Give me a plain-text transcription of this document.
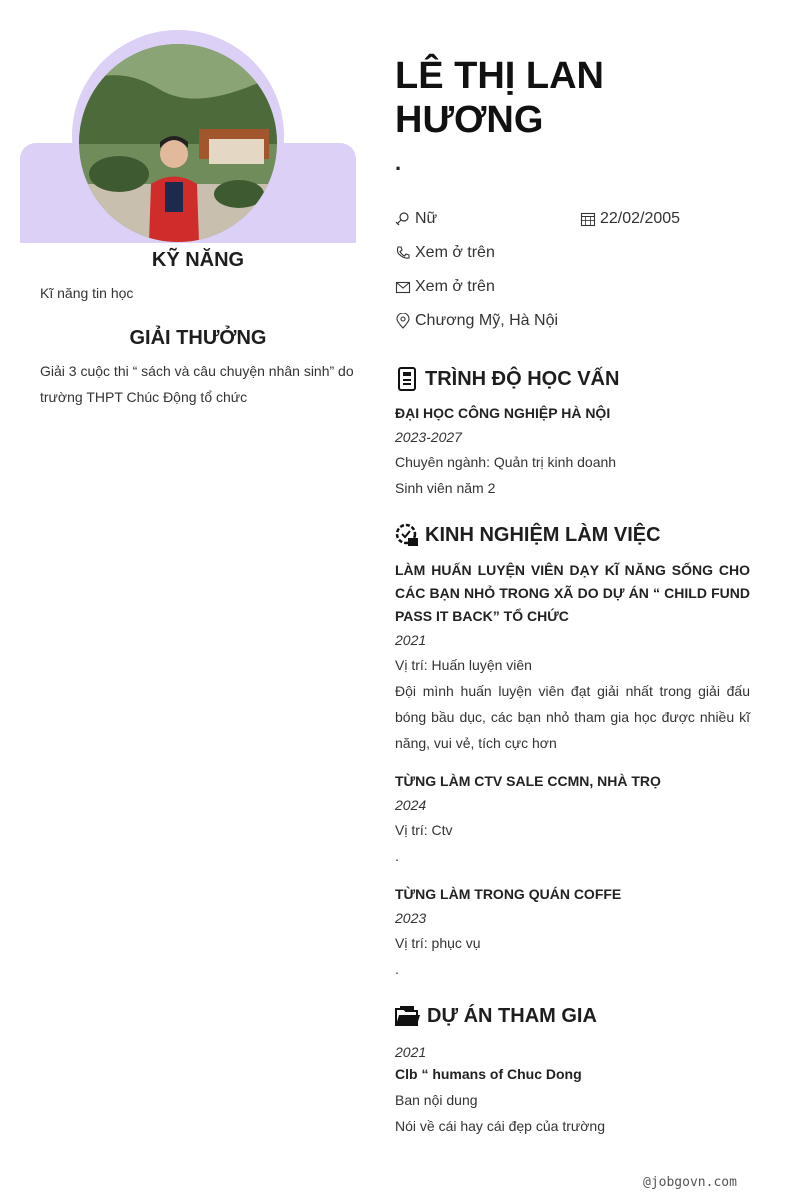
KỸ NĂNG
Kĩ năng tin học
GIẢI THƯỞNG
Giải 3 cuộc thi “ sách và câu chuyện nhân sinh” do trường THPT Chúc Động tổ chức
LÊ THỊ LAN
HƯƠNG
.
Nữ	22/02/2005
Xem ở trên
Xem ở trên
Chương Mỹ, Hà Nội
TRÌNH ĐỘ HỌC VẤN
ĐẠI HỌC CÔNG NGHIỆP HÀ NỘI
2023-2027
Chuyên ngành: Quản trị kinh doanh
Sinh viên năm 2
KINH NGHIỆM LÀM VIỆC
LÀM HUẤN LUYỆN VIÊN DẠY KĨ NĂNG SỐNG CHO CÁC BẠN NHỎ TRONG XÃ DO DỰ ÁN “ CHILD FUND PASS IT BACK” TỔ CHỨC
2021
Vị trí: Huấn luyện viên
Đội mình huấn luyện viên đạt giải nhất trong giải đấu bóng bầu dục, các bạn nhỏ tham gia học được nhiều kĩ năng, vui vẻ, tích cực hơn
TỪNG LÀM CTV SALE CCMN, NHÀ TRỌ
2024
Vị trí: Ctv
.
TỪNG LÀM TRONG QUÁN COFFE
2023
Vị trí: phục vụ
.
DỰ ÁN THAM GIA
2021
Clb “ humans of Chuc Dong
Ban nội dung
Nói về cái hay cái đẹp của trường
@jobgovn.com
